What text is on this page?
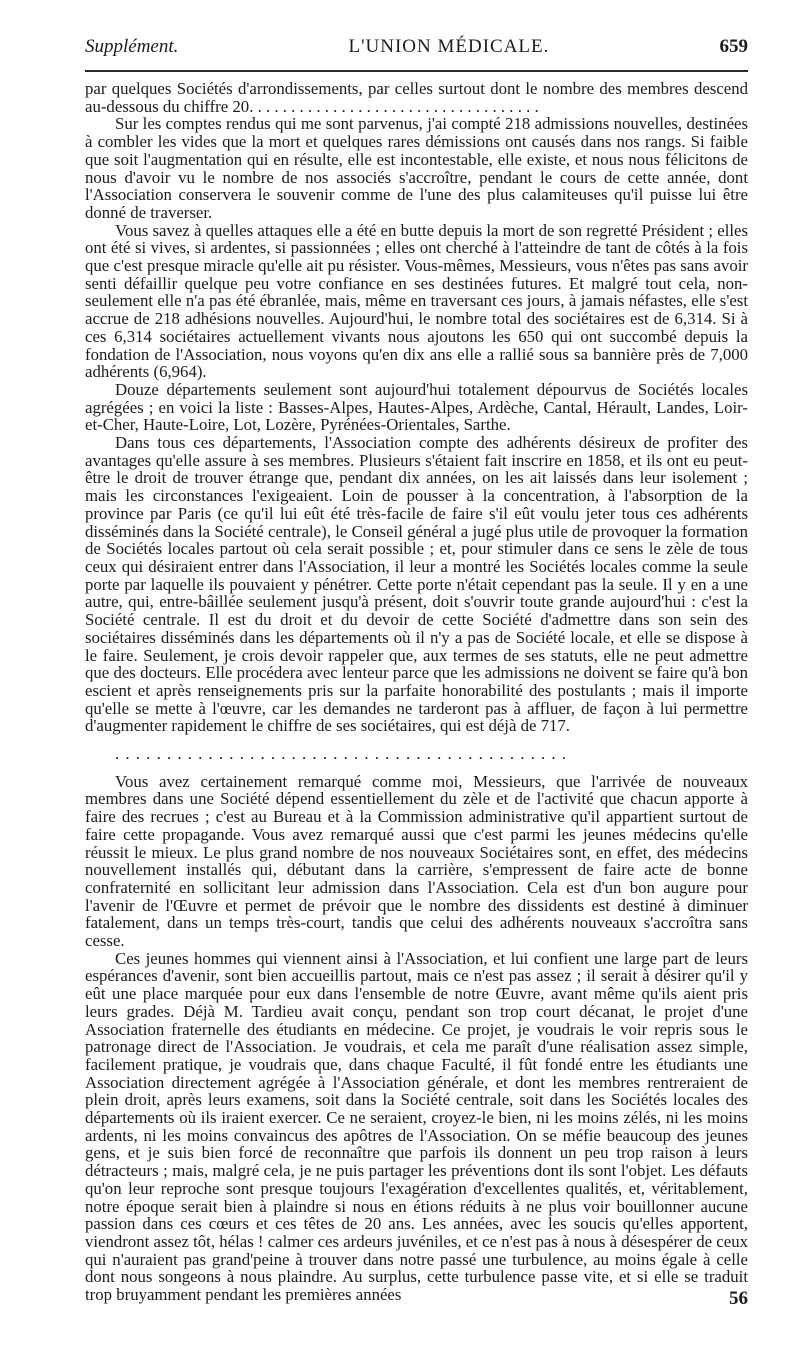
Supplément.	L'UNION MÉDICALE.	659

par quelques Sociétés d'arrondissements, par celles surtout dont le nombre des membres descend au-dessous du chiffre 20. . . . . . . . . . . . . . . . . . . . . . . . . . . . . . . . . . .

Sur les comptes rendus qui me sont parvenus, j'ai compté 218 admissions nouvelles, destinées à combler les vides que la mort et quelques rares démissions ont causés dans nos rangs. Si faible que soit l'augmentation qui en résulte, elle est incontestable, elle existe, et nous nous félicitons de nous d'avoir vu le nombre de nos associés s'accroître, pendant le cours de cette année, dont l'Association conservera le souvenir comme de l'une des plus calamiteuses qu'il puisse lui être donné de traverser.

Vous savez à quelles attaques elle a été en butte depuis la mort de son regretté Président ; elles ont été si vives, si ardentes, si passionnées ; elles ont cherché à l'atteindre de tant de côtés à la fois que c'est presque miracle qu'elle ait pu résister. Vous-mêmes, Messieurs, vous n'êtes pas sans avoir senti défaillir quelque peu votre confiance en ses destinées futures. Et malgré tout cela, non-seulement elle n'a pas été ébranlée, mais, même en traversant ces jours, à jamais néfastes, elle s'est accrue de 218 adhésions nouvelles. Aujourd'hui, le nombre total des sociétaires est de 6,314. Si à ces 6,314 sociétaires actuellement vivants nous ajoutons les 650 qui ont succombé depuis la fondation de l'Association, nous voyons qu'en dix ans elle a rallié sous sa bannière près de 7,000 adhérents (6,964).

Douze départements seulement sont aujourd'hui totalement dépourvus de Sociétés locales agrégées ; en voici la liste : Basses-Alpes, Hautes-Alpes, Ardèche, Cantal, Hérault, Landes, Loir-et-Cher, Haute-Loire, Lot, Lozère, Pyrénées-Orientales, Sarthe.

Dans tous ces départements, l'Association compte des adhérents désireux de profiter des avantages qu'elle assure à ses membres. Plusieurs s'étaient fait inscrire en 1858, et ils ont eu peut-être le droit de trouver étrange que, pendant dix années, on les ait laissés dans leur isolement ; mais les circonstances l'exigeaient. Loin de pousser à la concentration, à l'absorption de la province par Paris (ce qu'il lui eût été très-facile de faire s'il eût voulu jeter tous ces adhérents disséminés dans la Société centrale), le Conseil général a jugé plus utile de provoquer la formation de Sociétés locales partout où cela serait possible ; et, pour stimuler dans ce sens le zèle de tous ceux qui désiraient entrer dans l'Association, il leur a montré les Sociétés locales comme la seule porte par laquelle ils pouvaient y pénétrer. Cette porte n'était cependant pas la seule. Il y en a une autre, qui, entre-bâillée seulement jusqu'à présent, doit s'ouvrir toute grande aujourd'hui : c'est la Société centrale. Il est du droit et du devoir de cette Société d'admettre dans son sein des sociétaires disséminés dans les départements où il n'y a pas de Société locale, et elle se dispose à le faire. Seulement, je crois devoir rappeler que, aux termes de ses statuts, elle ne peut admettre que des docteurs. Elle procédera avec lenteur parce que les admissions ne doivent se faire qu'à bon escient et après renseignements pris sur la parfaite honorabilité des postulants ; mais il importe qu'elle se mette à l'œuvre, car les demandes ne tarderont pas à affluer, de façon à lui permettre d'augmenter rapidement le chiffre de ses sociétaires, qui est déjà de 717.

. . . . . . . . . . . . . . . . . . . . . . . . . . . . . . . . . . . . . . . . . . . .

Vous avez certainement remarqué comme moi, Messieurs, que l'arrivée de nouveaux membres dans une Société dépend essentiellement du zèle et de l'activité que chacun apporte à faire des recrues ; c'est au Bureau et à la Commission administrative qu'il appartient surtout de faire cette propagande. Vous avez remarqué aussi que c'est parmi les jeunes médecins qu'elle réussit le mieux. Le plus grand nombre de nos nouveaux Sociétaires sont, en effet, des médecins nouvellement installés qui, débutant dans la carrière, s'empressent de faire acte de bonne confraternité en sollicitant leur admission dans l'Association. Cela est d'un bon augure pour l'avenir de l'Œuvre et permet de prévoir que le nombre des dissidents est destiné à diminuer fatalement, dans un temps très-court, tandis que celui des adhérents nouveaux s'accroîtra sans cesse.

Ces jeunes hommes qui viennent ainsi à l'Association, et lui confient une large part de leurs espérances d'avenir, sont bien accueillis partout, mais ce n'est pas assez ; il serait à désirer qu'il y eût une place marquée pour eux dans l'ensemble de notre Œuvre, avant même qu'ils aient pris leurs grades. Déjà M. Tardieu avait conçu, pendant son trop court décanat, le projet d'une Association fraternelle des étudiants en médecine. Ce projet, je voudrais le voir repris sous le patronage direct de l'Association. Je voudrais, et cela me paraît d'une réalisation assez simple, facilement pratique, je voudrais que, dans chaque Faculté, il fût fondé entre les étudiants une Association directement agrégée à l'Association générale, et dont les membres rentreraient de plein droit, après leurs examens, soit dans la Société centrale, soit dans les Sociétés locales des départements où ils iraient exercer. Ce ne seraient, croyez-le bien, ni les moins zélés, ni les moins ardents, ni les moins convaincus des apôtres de l'Association. On se méfie beaucoup des jeunes gens, et je suis bien forcé de reconnaître que parfois ils donnent un peu trop raison à leurs détracteurs ; mais, malgré cela, je ne puis partager les préventions dont ils sont l'objet. Les défauts qu'on leur reproche sont presque toujours l'exagération d'excellentes qualités, et, véritablement, notre époque serait bien à plaindre si nous en étions réduits à ne plus voir bouillonner aucune passion dans ces cœurs et ces têtes de 20 ans. Les années, avec les soucis qu'elles apportent, viendront assez tôt, hélas ! calmer ces ardeurs juvéniles, et ce n'est pas à nous à désespérer de ceux qui n'auraient pas grand'peine à trouver dans notre passé une turbulence, au moins égale à celle dont nous songeons à nous plaindre. Au surplus, cette turbulence passe vite, et si elle se traduit trop bruyamment pendant les premières années	56
